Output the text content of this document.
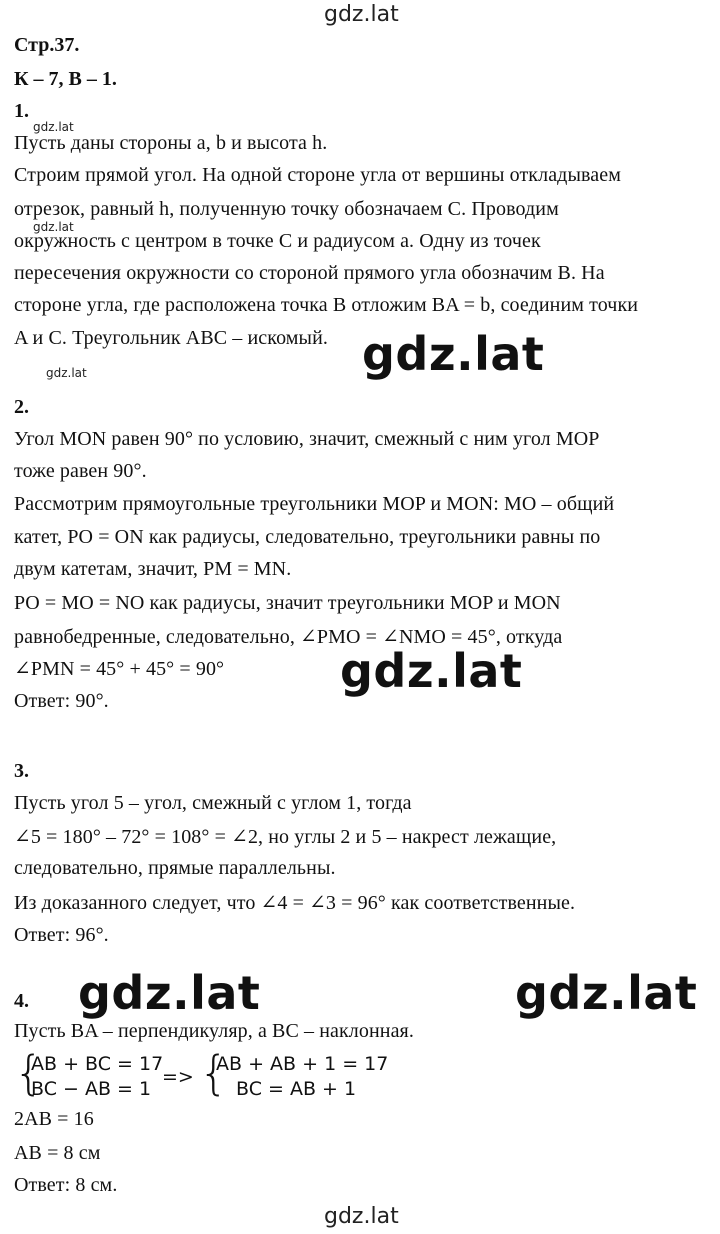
gdz.lat
Стр.37.
К – 7, В – 1.
1.
gdz.lat
Пусть даны стороны a, b и высота h.
Строим прямой угол. На одной стороне угла от вершины откладываем
отрезок, равный h, полученную точку обозначаем C. Проводим
gdz.lat
окружность с центром в точке C и радиусом a. Одну из точек
пересечения окружности со стороной прямого угла обозначим B. На
стороне угла, где расположена точка B отложим BA = b, соединим точки
A и C. Треугольник ABC – искомый. gdz.lat
gdz.lat
2.
Угол MON равен 90° по условию, значит, смежный с ним угол MOP
тоже равен 90°.
Рассмотрим прямоугольные треугольники MOP и MON: MO – общий
катет, PO = ON как радиусы, следовательно, треугольники равны по
двум катетам, значит, PM = MN.
PO = MO = NO как радиусы, значит треугольники MOP и MON
равнобедренные, следовательно, ∠PMO = ∠NMO = 45°, откуда
∠PMN = 45° + 45° = 90°	gdz.lat
Ответ: 90°.
3.
Пусть угол 5 – угол, смежный с углом 1, тогда
∠5 = 180° – 72° = 108° = ∠2, но углы 2 и 5 – накрест лежащие,
следовательно, прямые параллельны.
Из доказанного следует, что ∠4 = ∠3 = 96° как соответственные.
Ответ: 96°.
4. gdz.lat	gdz.lat
Пусть BA – перпендикуляр, а BC – наклонная.
{
AB + BC = 17
BC − AB = 1
=> {
AB + AB + 1 = 17
BC = AB + 1
2AB = 16
AB = 8 см
Ответ: 8 см.
gdz.lat
